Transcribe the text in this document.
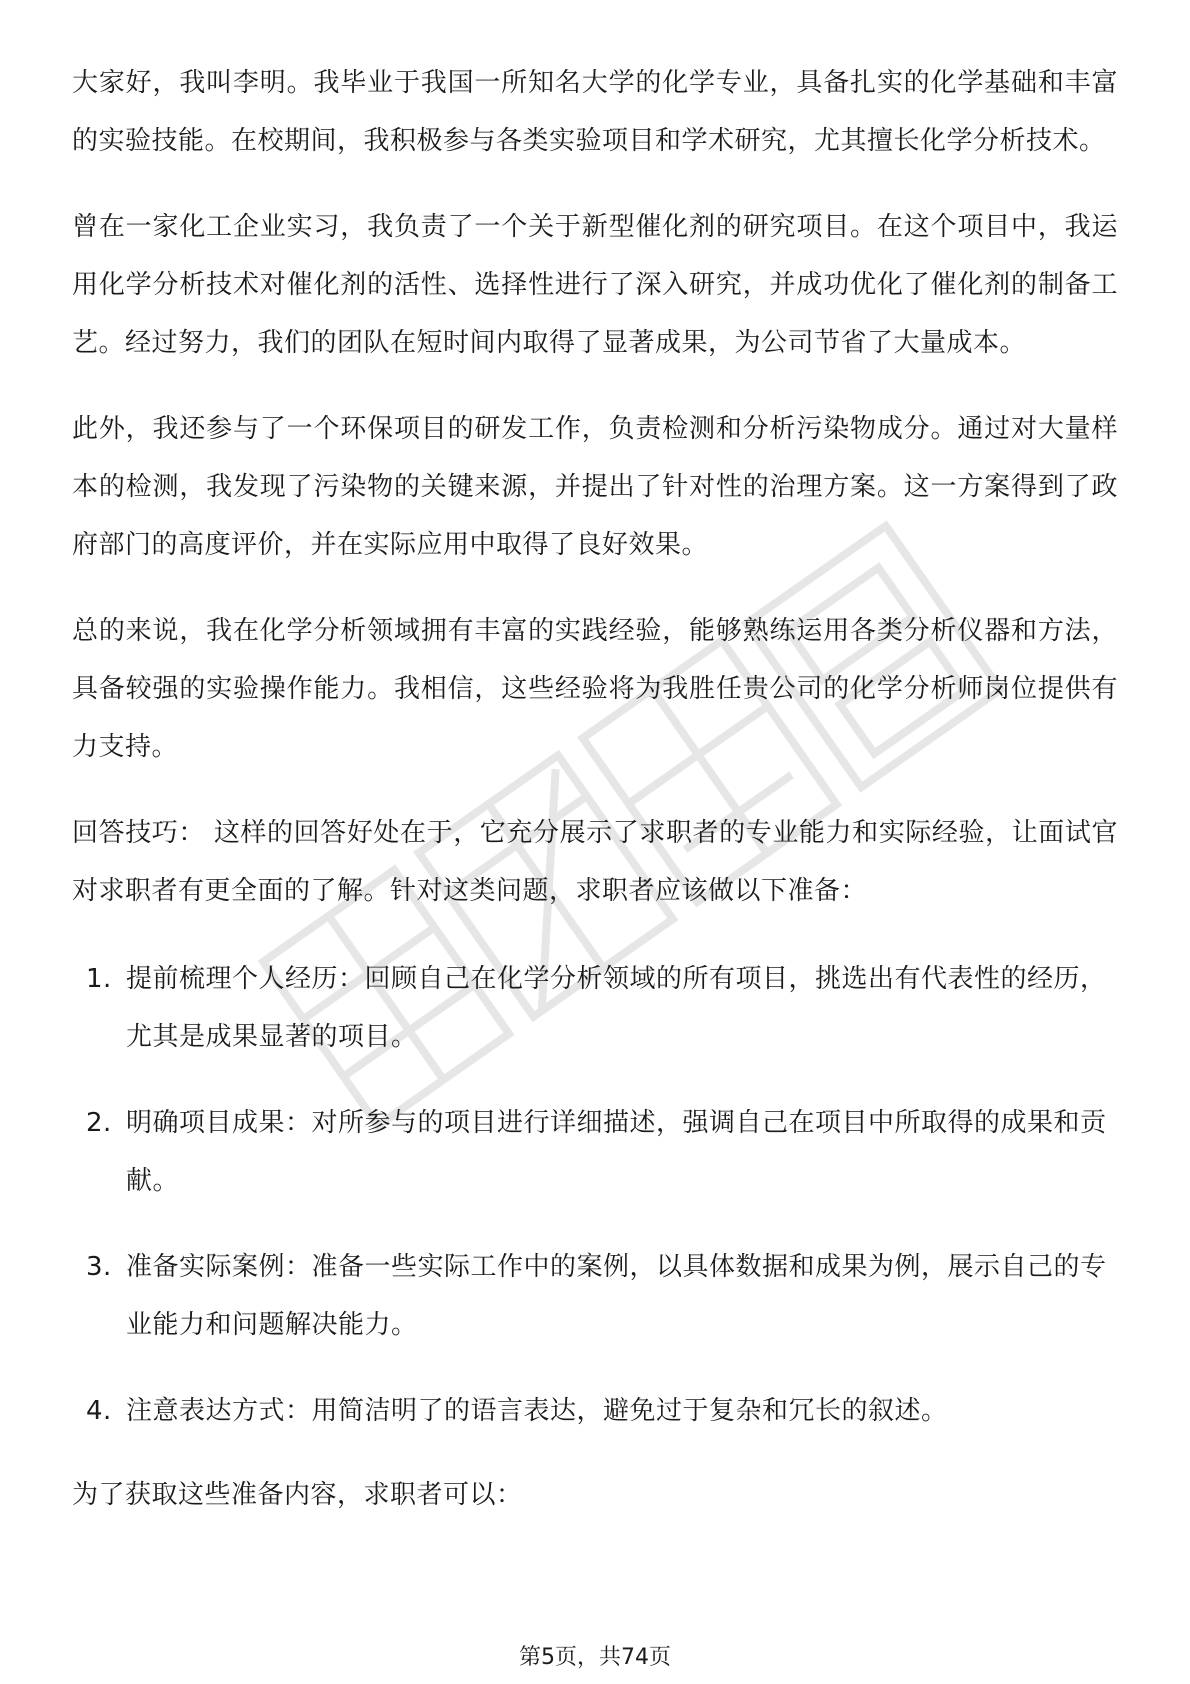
大家好，我叫李明。我毕业于我国一所知名大学的化学专业，具备扎实的化学基础和丰富的实验技能。在校期间，我积极参与各类实验项目和学术研究，尤其擅长化学分析技术。

曾在一家化工企业实习，我负责了一个关于新型催化剂的研究项目。在这个项目中，我运用化学分析技术对催化剂的活性、选择性进行了深入研究，并成功优化了催化剂的制备工艺。经过努力，我们的团队在短时间内取得了显著成果，为公司节省了大量成本。

此外，我还参与了一个环保项目的研发工作，负责检测和分析污染物成分。通过对大量样本的检测，我发现了污染物的关键来源，并提出了针对性的治理方案。这一方案得到了政府部门的高度评价，并在实际应用中取得了良好效果。

总的来说，我在化学分析领域拥有丰富的实践经验，能够熟练运用各类分析仪器和方法，具备较强的实验操作能力。我相信，这些经验将为我胜任贵公司的化学分析师岗位提供有力支持。

回答技巧： 这样的回答好处在于，它充分展示了求职者的专业能力和实际经验，让面试官对求职者有更全面的了解。针对这类问题，求职者应该做以下准备：

1. 提前梳理个人经历：回顾自己在化学分析领域的所有项目，挑选出有代表性的经历，尤其是成果显著的项目。
2. 明确项目成果：对所参与的项目进行详细描述，强调自己在项目中所取得的成果和贡献。
3. 准备实际案例：准备一些实际工作中的案例，以具体数据和成果为例，展示自己的专业能力和问题解决能力。
4. 注意表达方式：用简洁明了的语言表达，避免过于复杂和冗长的叙述。
为了获取这些准备内容，求职者可以：
第5页，共74页
